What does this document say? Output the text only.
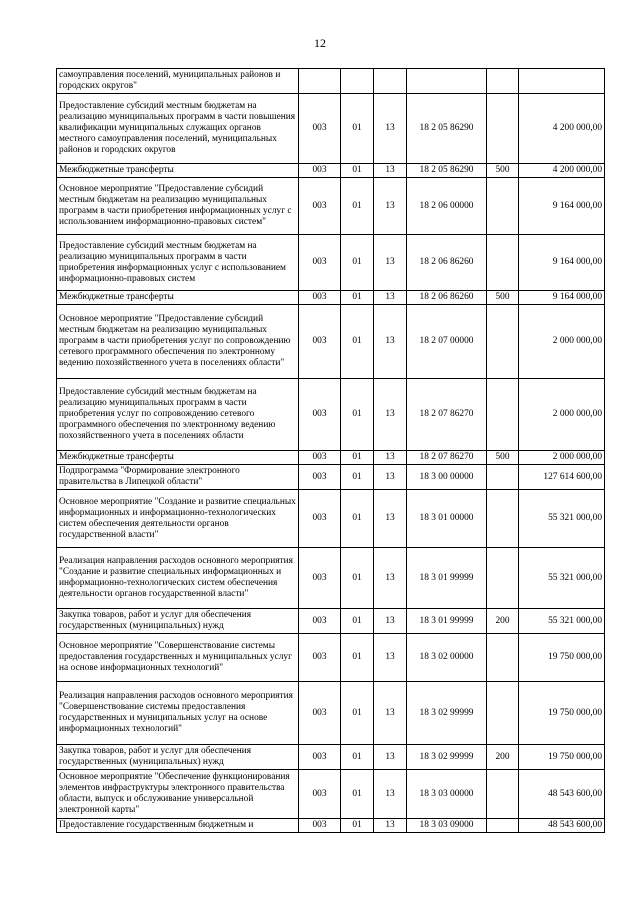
12
самоуправления поселений, муниципальных районов и городских округов"						
Предоставление субсидий местным бюджетам на реализацию муниципальных программ в части повышения квалификации муниципальных служащих органов местного самоуправления поселений, муниципальных районов и городских округов	003	01	13	18 2 05 86290		4 200 000,00
Межбюджетные трансферты	003	01	13	18 2 05 86290	500	4 200 000,00
Основное мероприятие "Предоставление субсидий местным бюджетам на реализацию муниципальных программ в части приобретения информационных услуг с использованием информационно-правовых систем"	003	01	13	18 2 06 00000		9 164 000,00
Предоставление субсидий местным бюджетам на реализацию муниципальных программ в части приобретения информационных услуг с использованием информационно-правовых систем	003	01	13	18 2 06 86260		9 164 000,00
Межбюджетные трансферты	003	01	13	18 2 06 86260	500	9 164 000,00
Основное мероприятие "Предоставление субсидий местным бюджетам на реализацию муниципальных программ в части приобретения услуг по сопровождению сетевого программного обеспечения по электронному ведению похозяйственного учета в поселениях области"	003	01	13	18 2 07 00000		2 000 000,00
Предоставление субсидий местным бюджетам на реализацию муниципальных программ в части приобретения услуг по сопровождению сетевого программного обеспечения по электронному ведению похозяйственного учета в поселениях области	003	01	13	18 2 07 86270		2 000 000,00
Межбюджетные трансферты	003	01	13	18 2 07 86270	500	2 000 000,00
Подпрограмма "Формирование электронного правительства в Липецкой области"	003	01	13	18 3 00 00000		127 614 600,00
Основное мероприятие "Создание и развитие специальных информационных и информационно-технологических систем обеспечения деятельности органов государственной власти"	003	01	13	18 3 01 00000		55 321 000,00
Реализация направления расходов основного мероприятия "Создание и развитие специальных информационных и информационно-технологических систем обеспечения деятельности органов государственной власти"	003	01	13	18 3 01 99999		55 321 000,00
Закупка товаров, работ и услуг для обеспечения государственных (муниципальных) нужд	003	01	13	18 3 01 99999	200	55 321 000,00
Основное мероприятие "Совершенствование системы предоставления государственных и муниципальных услуг на основе информационных технологий"	003	01	13	18 3 02 00000		19 750 000,00
Реализация направления расходов основного мероприятия "Совершенствование системы предоставления государственных и муниципальных услуг на основе информационных технологий"	003	01	13	18 3 02 99999		19 750 000,00
Закупка товаров, работ и услуг для обеспечения государственных (муниципальных) нужд	003	01	13	18 3 02 99999	200	19 750 000,00
Основное мероприятие "Обеспечение функционирования элементов инфраструктуры электронного правительства области, выпуск и обслуживание универсальной электронной карты"	003	01	13	18 3 03 00000		48 543 600,00
Предоставление государственным бюджетным и	003	01	13	18 3 03 09000		48 543 600,00
